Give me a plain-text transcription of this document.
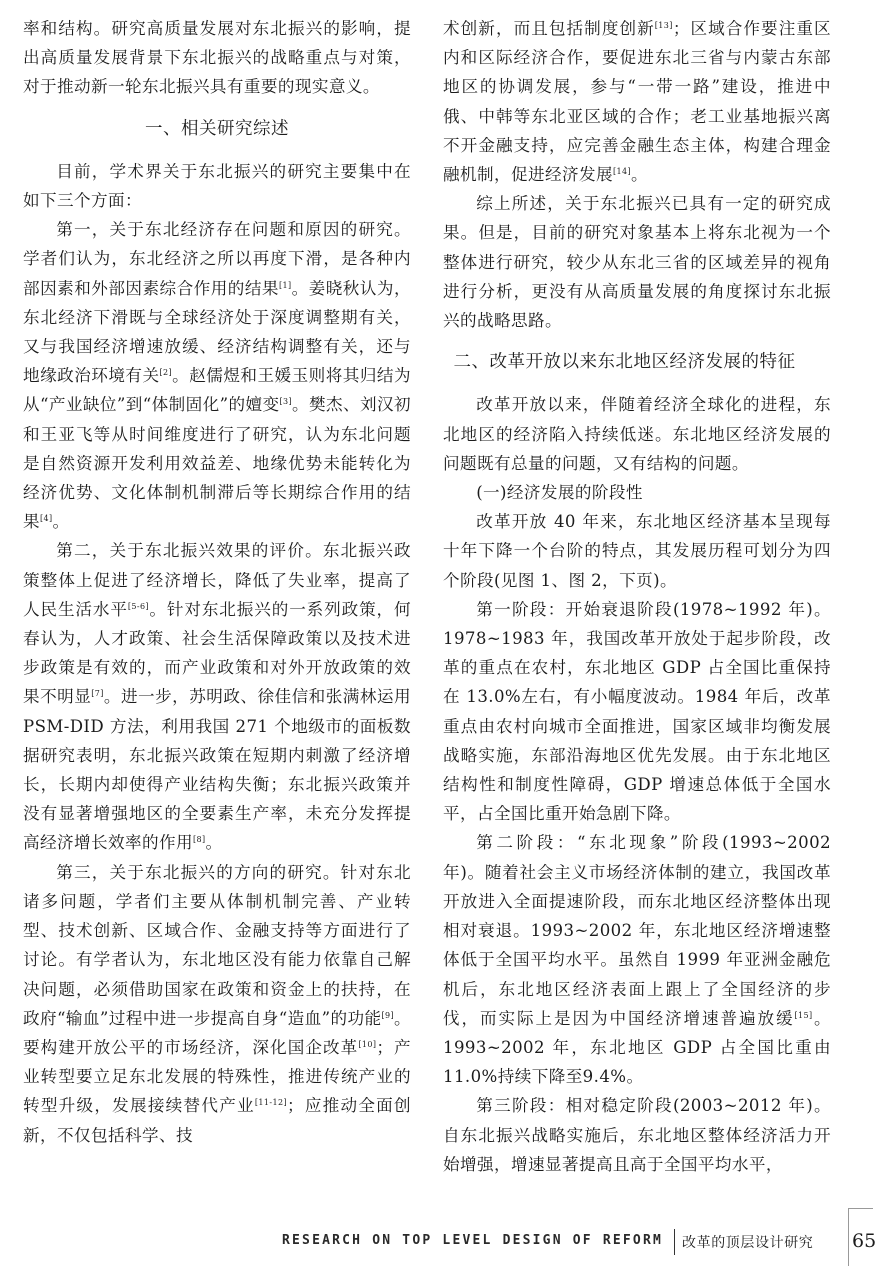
率和结构。研究高质量发展对东北振兴的影响，提出高质量发展背景下东北振兴的战略重点与对策，对于推动新一轮东北振兴具有重要的现实意义。

一、相关研究综述

目前，学术界关于东北振兴的研究主要集中在如下三个方面：

第一，关于东北经济存在问题和原因的研究。学者们认为，东北经济之所以再度下滑，是各种内部因素和外部因素综合作用的结果[1]。姜晓秋认为，东北经济下滑既与全球经济处于深度调整期有关，又与我国经济增速放缓、经济结构调整有关，还与地缘政治环境有关[2]。赵儒煜和王媛玉则将其归结为从“产业缺位”到“体制固化”的嬗变[3]。樊杰、刘汉初和王亚飞等从时间维度进行了研究，认为东北问题是自然资源开发利用效益差、地缘优势未能转化为经济优势、文化体制机制滞后等长期综合作用的结果[4]。

第二，关于东北振兴效果的评价。东北振兴政策整体上促进了经济增长，降低了失业率，提高了人民生活水平[5-6]。针对东北振兴的一系列政策，何春认为，人才政策、社会生活保障政策以及技术进步政策是有效的，而产业政策和对外开放政策的效果不明显[7]。进一步，苏明政、徐佳信和张满林运用 PSM-DID 方法，利用我国 271 个地级市的面板数据研究表明，东北振兴政策在短期内刺激了经济增长，长期内却使得产业结构失衡；东北振兴政策并没有显著增强地区的全要素生产率，未充分发挥提高经济增长效率的作用[8]。

第三，关于东北振兴的方向的研究。针对东北诸多问题，学者们主要从体制机制完善、产业转型、技术创新、区域合作、金融支持等方面进行了讨论。有学者认为，东北地区没有能力依靠自己解决问题，必须借助国家在政策和资金上的扶持，在政府“输血”过程中进一步提高自身“造血”的功能[9]。要构建开放公平的市场经济，深化国企改革[10]；产业转型要立足东北发展的特殊性，推进传统产业的转型升级，发展接续替代产业[11-12]；应推动全面创新，不仅包括科学、技

术创新，而且包括制度创新[13]；区域合作要注重区内和区际经济合作，要促进东北三省与内蒙古东部地区的协调发展，参与“一带一路”建设，推进中俄、中韩等东北亚区域的合作；老工业基地振兴离不开金融支持，应完善金融生态主体，构建合理金融机制，促进经济发展[14]。

综上所述，关于东北振兴已具有一定的研究成果。但是，目前的研究对象基本上将东北视为一个整体进行研究，较少从东北三省的区域差异的视角进行分析，更没有从高质量发展的角度探讨东北振兴的战略思路。

二、改革开放以来东北地区经济发展的特征

改革开放以来，伴随着经济全球化的进程，东北地区的经济陷入持续低迷。东北地区经济发展的问题既有总量的问题，又有结构的问题。

(一)经济发展的阶段性

改革开放 40 年来，东北地区经济基本呈现每十年下降一个台阶的特点，其发展历程可划分为四个阶段(见图 1、图 2，下页)。

第一阶段：开始衰退阶段(1978~1992 年)。1978~1983 年，我国改革开放处于起步阶段，改革的重点在农村，东北地区 GDP 占全国比重保持在 13.0%左右，有小幅度波动。1984 年后，改革重点由农村向城市全面推进，国家区域非均衡发展战略实施，东部沿海地区优先发展。由于东北地区结构性和制度性障碍，GDP 增速总体低于全国水平，占全国比重开始急剧下降。

第二阶段：“东北现象”阶段(1993~2002 年)。随着社会主义市场经济体制的建立，我国改革开放进入全面提速阶段，而东北地区经济整体出现相对衰退。1993~2002 年，东北地区经济增速整体低于全国平均水平。虽然自 1999 年亚洲金融危机后，东北地区经济表面上跟上了全国经济的步伐，而实际上是因为中国经济增速普遍放缓[15]。1993~2002 年，东北地区 GDP 占全国比重由11.0%持续下降至9.4%。

第三阶段：相对稳定阶段(2003~2012 年)。自东北振兴战略实施后，东北地区整体经济活力开始增强，增速显著提高且高于全国平均水平，

RESEARCH ON TOP LEVEL DESIGN OF REFORM 改革的顶层设计研究 65
